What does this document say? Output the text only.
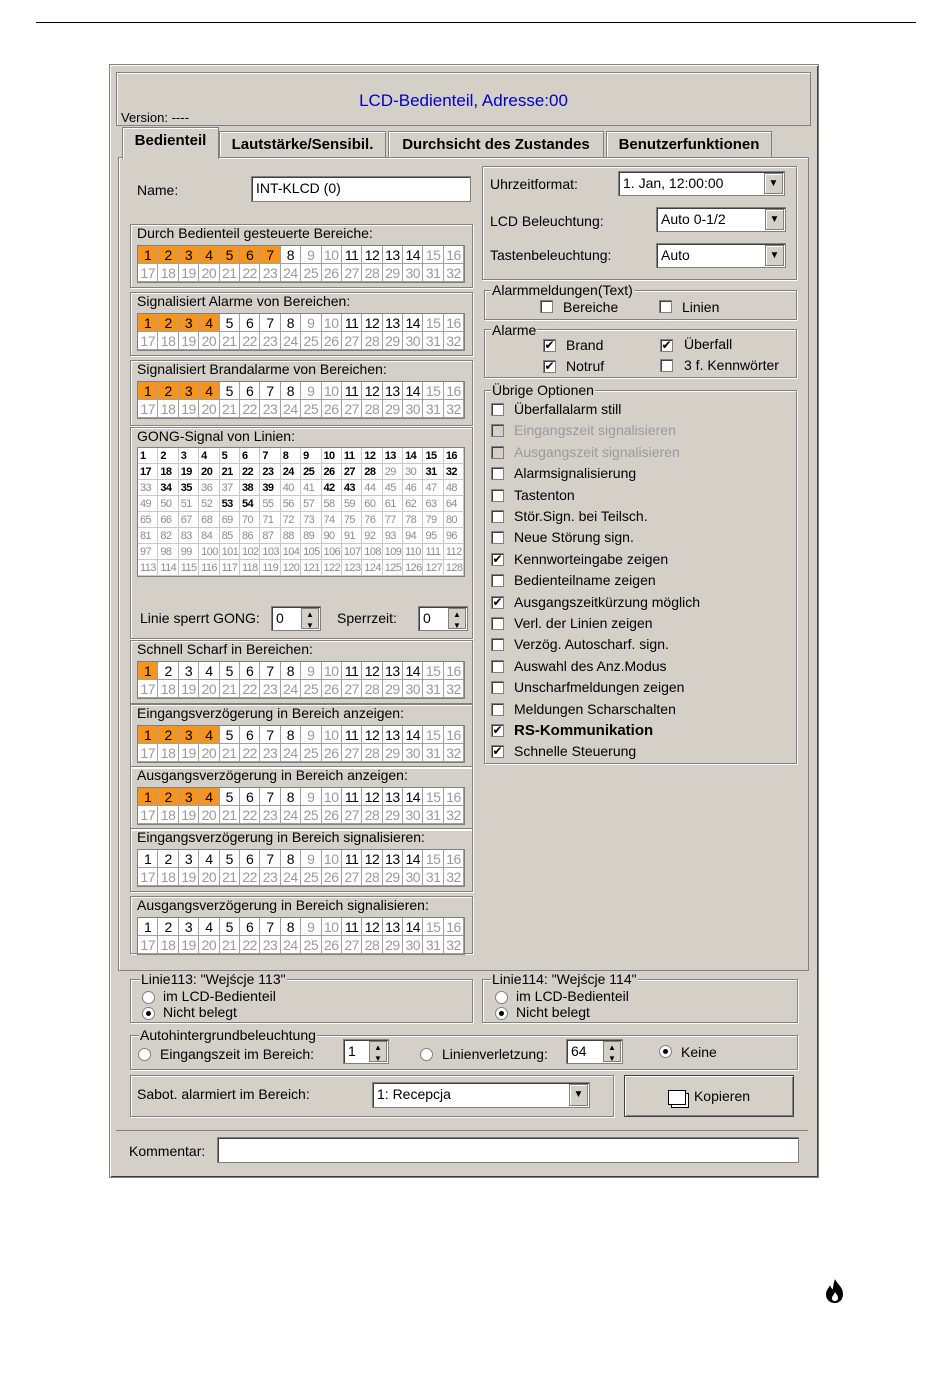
LCD-Bedienteil, Adresse:00
Version: ----
Bedienteil	Lautstärke/Sensibil.	Durchsicht des Zustandes	Benutzerfunktionen
Name:	INT-KLCD (0)
Durch Bedienteil gesteuerte Bereiche:
1 2 3 4 5 6 7 8 9 10 11 12 13 14 15 16
17 18 19 20 21 22 23 24 25 26 27 28 29 30 31 32
Signalisiert Alarme von Bereichen:
1 2 3 4 5 6 7 8 9 10 11 12 13 14 15 16
17 18 19 20 21 22 23 24 25 26 27 28 29 30 31 32
Signalisiert Brandalarme von Bereichen:
1 2 3 4 5 6 7 8 9 10 11 12 13 14 15 16
17 18 19 20 21 22 23 24 25 26 27 28 29 30 31 32
Schnell Scharf in Bereichen:
1 2 3 4 5 6 7 8 9 10 11 12 13 14 15 16
17 18 19 20 21 22 23 24 25 26 27 28 29 30 31 32
Eingangsverzögerung in Bereich anzeigen:
1 2 3 4 5 6 7 8 9 10 11 12 13 14 15 16
17 18 19 20 21 22 23 24 25 26 27 28 29 30 31 32
Ausgangsverzögerung in Bereich anzeigen:
1 2 3 4 5 6 7 8 9 10 11 12 13 14 15 16
17 18 19 20 21 22 23 24 25 26 27 28 29 30 31 32
Eingangsverzögerung in Bereich signalisieren:
1 2 3 4 5 6 7 8 9 10 11 12 13 14 15 16
17 18 19 20 21 22 23 24 25 26 27 28 29 30 31 32
Ausgangsverzögerung in Bereich signalisieren:
1 2 3 4 5 6 7 8 9 10 11 12 13 14 15 16
17 18 19 20 21 22 23 24 25 26 27 28 29 30 31 32
GONG-Signal von Linien:
1	2	3	4	5	6	7	8	9	10 11 12 13 14 15 16
17 18 19 20 21 22 23 24 25 26 27 28 29 30 31 32
33 34 35 36 37 38 39 40 41 42 43 44 45 46 47 48
49 50 51 52 53 54 55 56 57 58 59 60 61 62 63 64
65 66 67 68 69 70 71 72 73 74 75 76 77 78 79 80
81 82 83 84 85 86 87 88 89 90 91 92 93 94 95 96
97 98 99 100 101 102 103 104 105 106 107 108 109 110 111 112
113 114 115 116 117 118 119 120 121 122 123 124 125 126 127 128
Linie sperrt GONG:	0	▲
▼	Sperrzeit:	0	▲
▼
Uhrzeitformat:	1. Jan, 12:00:00	▼
LCD Beleuchtung:	Auto 0-1/2	▼
Tastenbeleuchtung:	Auto	▼
Alarmmeldungen(Text)
Bereiche	Linien
Alarme
✔ Brand	✔ Überfall
✔ Notruf	3 f. Kennwörter
Übrige Optionen
Überfallalarm still
Eingangszeit signalisieren
Ausgangszeit signalisieren
Alarmsignalisierung
Tastenton
Stör.Sign. bei Teilsch.
Neue Störung sign.
✔ Kennworteingabe zeigen
Bedienteilname zeigen
✔ Ausgangszeitkürzung möglich
Verl. der Linien zeigen
Verzög. Autoscharf. sign.
Auswahl des Anz.Modus
Unscharfmeldungen zeigen
Meldungen Scharschalten
✔ RS-Kommunikation
✔ Schnelle Steuerung
Linie113: "Wejścje 113"
im LCD-Bedienteil
Nicht belegt
Linie114: "Wejścje 114"
im LCD-Bedienteil
Nicht belegt
Autohintergrundbeleuchtung
Eingangszeit im Bereich:	1	▲
▼	Linienverletzung:	64	▲
▼	Keine
Sabot. alarmiert im Bereich:	1: Recepcja	▼	Kopieren
Kommentar:
